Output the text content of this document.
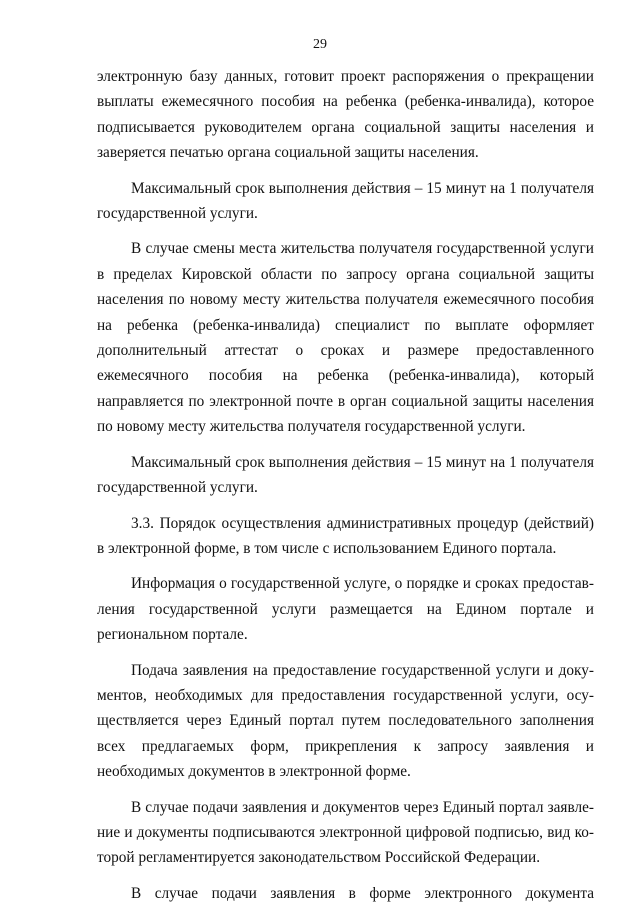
29

электронную базу данных, готовит проект распоряжения о прекращении выплаты ежемесячного пособия на ребенка (ребенка-инвалида), которое подписывается руководителем органа социальной защиты населения и заверяется печатью органа социальной защиты населения.

Максимальный срок выполнения действия – 15 минут на 1 получателя государственной услуги.

В случае смены места жительства получателя государственной услуги в пределах Кировской области по запросу органа социальной защиты населения по новому месту жительства получателя ежемесячного пособия на ребенка (ребенка-инвалида) специалист по выплате оформляет дополнительный аттестат о сроках и размере предоставленного ежемесячного пособия на ребенка (ребенка-инвалида), который направляется по электронной почте в орган социальной защиты населения по новому месту жительства получателя государственной услуги.

Максимальный срок выполнения действия – 15 минут на 1 получателя государственной услуги.

3.3. Порядок осуществления административных процедур (действий) в электронной форме, в том числе с использованием Единого портала.

Информация о государственной услуге, о порядке и сроках предоставления государственной услуги размещается на Едином портале и региональном портале.

Подача заявления на предоставление государственной услуги и документов, необходимых для предоставления государственной услуги, осуществляется через Единый портал путем последовательного заполнения всех предлагаемых форм, прикрепления к запросу заявления и необходимых документов в электронной форме.

В случае подачи заявления и документов через Единый портал заявление и документы подписываются электронной цифровой подписью, вид которой регламентируется законодательством Российской Федерации.

В случае подачи заявления в форме электронного документа
